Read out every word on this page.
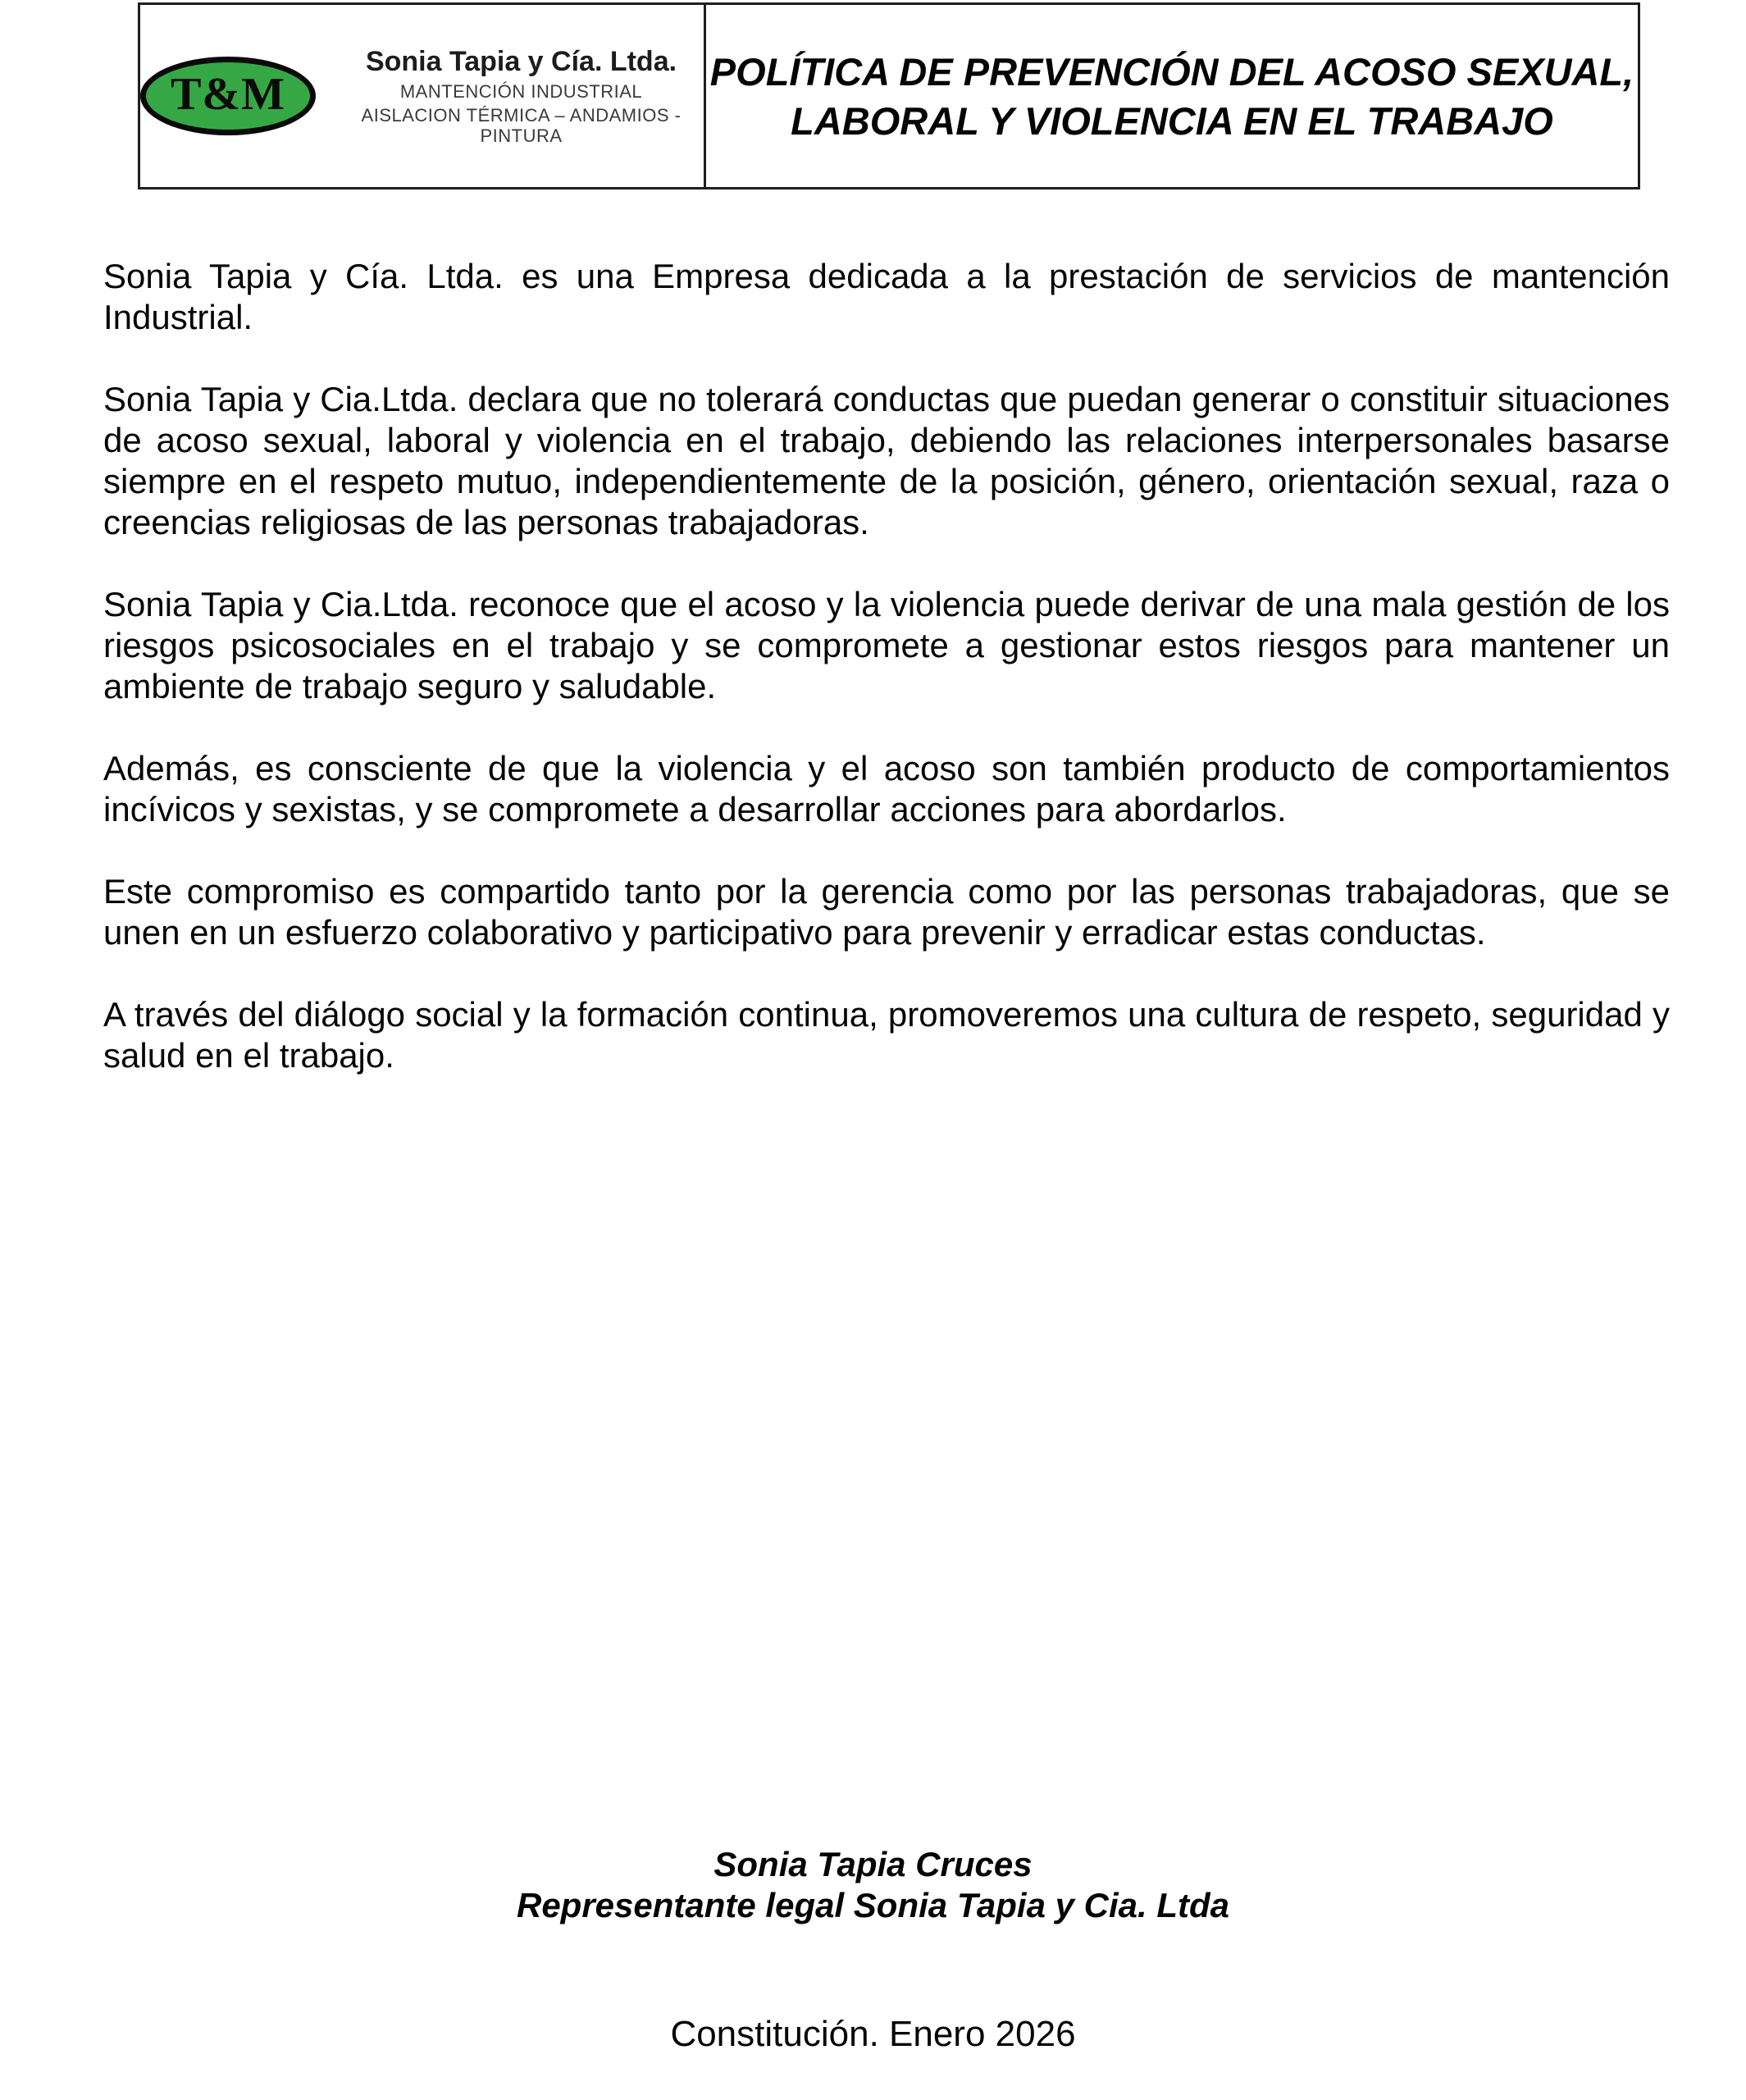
T&M
Sonia Tapia y Cía. Ltda.
MANTENCIÓN INDUSTRIAL
AISLACION TÉRMICA – ANDAMIOS - PINTURA
POLÍTICA DE PREVENCIÓN DEL ACOSO SEXUAL,
LABORAL Y VIOLENCIA EN EL TRABAJO

Sonia Tapia y Cía. Ltda. es una Empresa dedicada a la prestación de servicios de mantención Industrial.

Sonia Tapia y Cia.Ltda. declara que no tolerará conductas que puedan generar o constituir situaciones de acoso sexual, laboral y violencia en el trabajo, debiendo las relaciones interpersonales basarse siempre en el respeto mutuo, independientemente de la posición, género, orientación sexual, raza o creencias religiosas de las personas trabajadoras.

Sonia Tapia y Cia.Ltda. reconoce que el acoso y la violencia puede derivar de una mala gestión de los riesgos psicosociales en el trabajo y se compromete a gestionar estos riesgos para mantener un ambiente de trabajo seguro y saludable.

Además, es consciente de que la violencia y el acoso son también producto de comportamientos incívicos y sexistas, y se compromete a desarrollar acciones para abordarlos.

Este compromiso es compartido tanto por la gerencia como por las personas trabajadoras, que se unen en un esfuerzo colaborativo y participativo para prevenir y erradicar estas conductas.

A través del diálogo social y la formación continua, promoveremos una cultura de respeto, seguridad y salud en el trabajo.

Sonia Tapia Cruces
Representante legal Sonia Tapia y Cia. Ltda
Constitución. Enero 2026
